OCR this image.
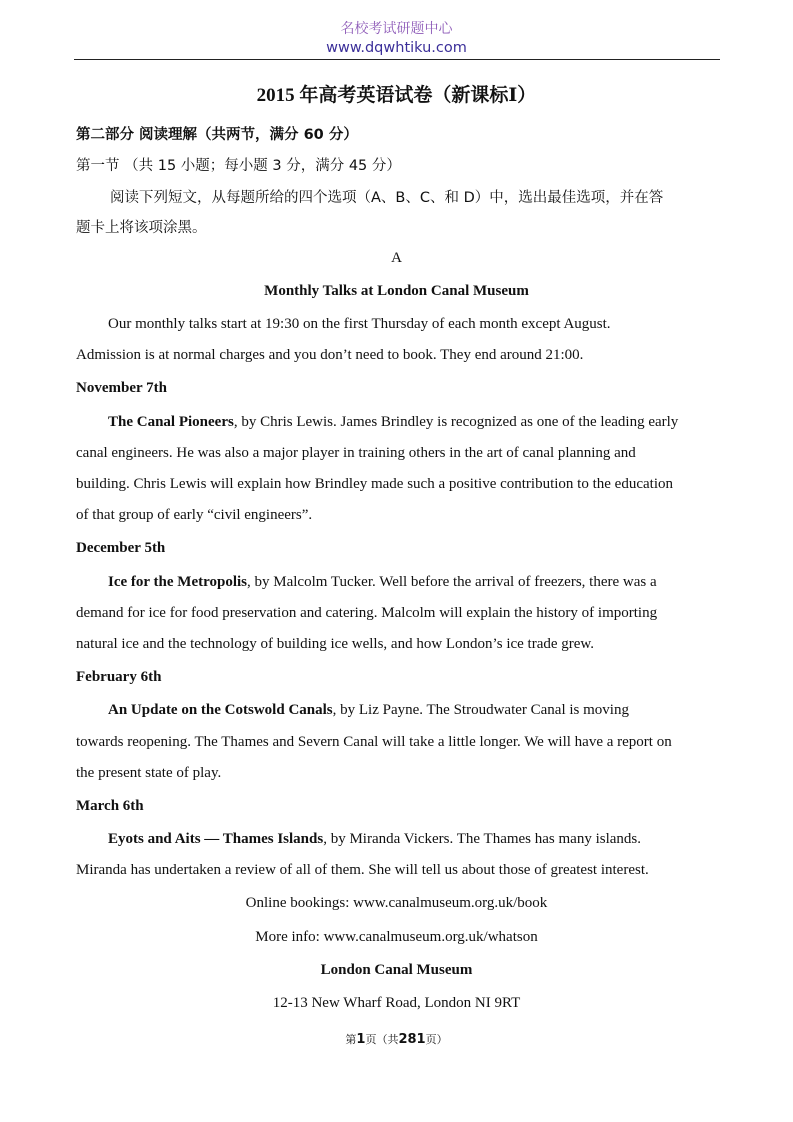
名校考试研题中心
www.dqwhtiku.com
2015 年高考英语试卷（新课标Ⅰ）
第二部分 阅读理解（共两节，满分 60 分）
第一节 （共 15 小题；每小题 3 分，满分 45 分）
阅读下列短文，从每题所给的四个选项（A、B、C、和 D）中，选出最佳选项，并在答
题卡上将该项涂黑。
A
Monthly Talks at London Canal Museum
Our monthly talks start at 19:30 on the first Thursday of each month except August.
Admission is at normal charges and you don’t need to book. They end around 21:00.
November 7th
The Canal Pioneers, by Chris Lewis. James Brindley is recognized as one of the leading early
canal engineers. He was also a major player in training others in the art of canal planning and
building. Chris Lewis will explain how Brindley made such a positive contribution to the education
of that group of early “civil engineers”.
December 5th
Ice for the Metropolis, by Malcolm Tucker. Well before the arrival of freezers, there was a
demand for ice for food preservation and catering. Malcolm will explain the history of importing
natural ice and the technology of building ice wells, and how London’s ice trade grew.
February 6th
An Update on the Cotswold Canals, by Liz Payne. The Stroudwater Canal is moving
towards reopening. The Thames and Severn Canal will take a little longer. We will have a report on
the present state of play.
March 6th
Eyots and Aits — Thames Islands, by Miranda Vickers. The Thames has many islands.
Miranda has undertaken a review of all of them. She will tell us about those of greatest interest.
Online bookings: www.canalmuseum.org.uk/book
More info: www.canalmuseum.org.uk/whatson
London Canal Museum
12-13 New Wharf Road, London NI 9RT
第1页（共281页）
